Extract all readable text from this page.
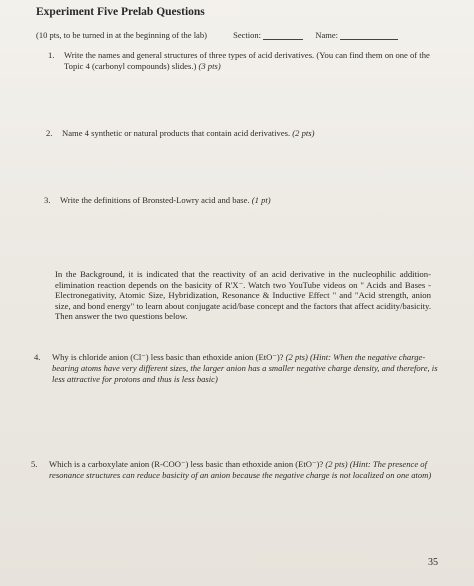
Experiment Five Prelab Questions
(10 pts, to be turned in at the beginning of the lab)	Section:	Name:
1. Write the names and general structures of three types of acid derivatives. (You can find them on one of the Topic 4 (carbonyl compounds) slides.) (3 pts)
2. Name 4 synthetic or natural products that contain acid derivatives. (2 pts)
3. Write the definitions of Bronsted-Lowry acid and base. (1 pt)
In the Background, it is indicated that the reactivity of an acid derivative in the nucleophilic addition-elimination reaction depends on the basicity of R'X⁻. Watch two YouTube videos on " Acids and Bases - Electronegativity, Atomic Size, Hybridization, Resonance & Inductive Effect " and "Acid strength, anion size, and bond energy" to learn about conjugate acid/base concept and the factors that affect acidity/basicity. Then answer the two questions below.
4. Why is chloride anion (Cl⁻) less basic than ethoxide anion (EtO⁻)? (2 pts) (Hint: When the negative charge-bearing atoms have very different sizes, the larger anion has a smaller negative charge density, and therefore, is less attractive for protons and thus is less basic)
5. Which is a carboxylate anion (R-COO⁻) less basic than ethoxide anion (EtO⁻)? (2 pts) (Hint: The presence of resonance structures can reduce basicity of an anion because the negative charge is not localized on one atom)
35
